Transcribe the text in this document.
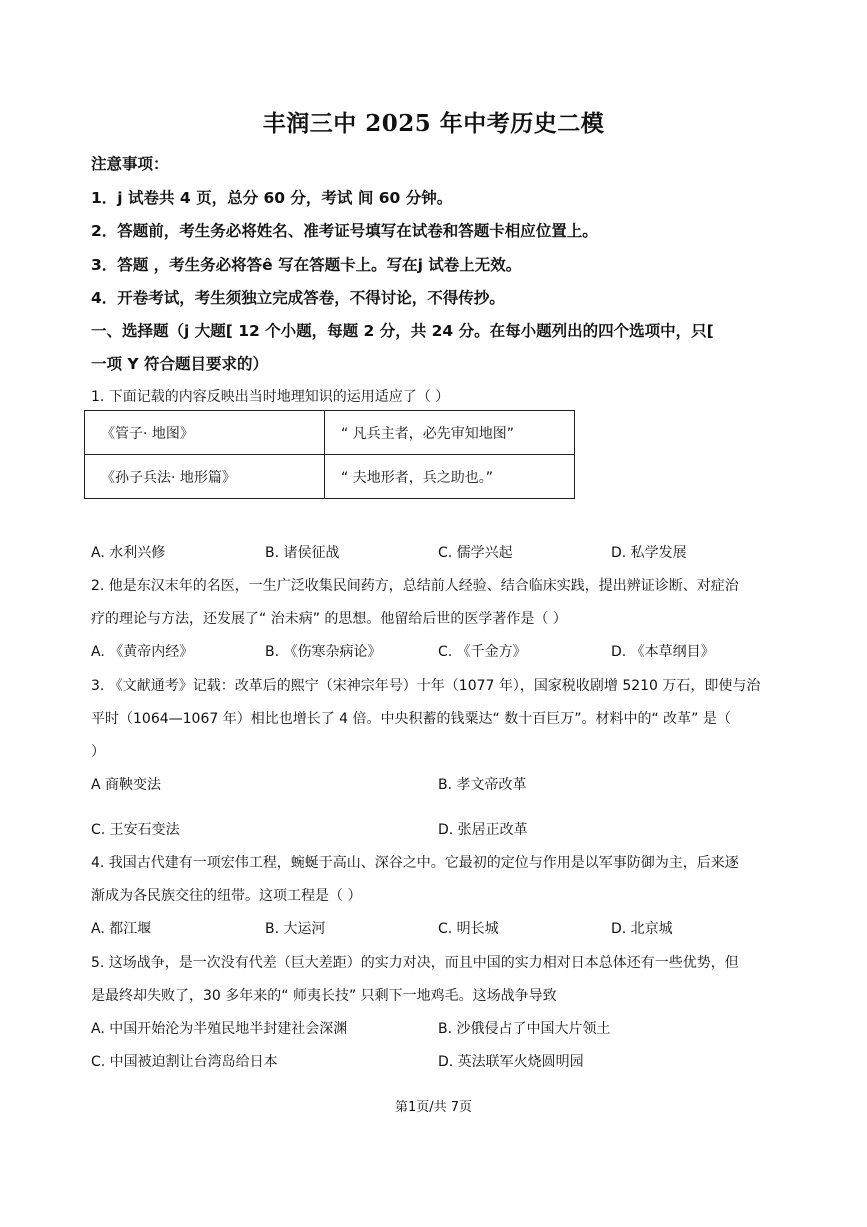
丰润三中 2025 年中考历史二模
注意事项：
1．j 试卷共 4 页，总分 60 分，考试 间 60 分钟。
2．答题前，考生务必将姓名、准考证号填写在试卷和答题卡相应位置上。
3．答题 ，考生务必将答ê 写在答题卡上。写在j 试卷上无效。
4．开卷考试，考生须独立完成答卷，不得讨论，不得传抄。
一、选择题（j 大题[ 12 个小题，每题 2 分，共 24 分。在每小题列出的四个选项中，只[
一项 Y 符合题目要求的）
1. 下面记载的内容反映出当时地理知识的运用适应了（ ）
《管子· 地图》	“ 凡兵主者，必先审知地图”
《孙子兵法· 地形篇》	“ 夫地形者，兵之助也。”
A. 水利兴修	B. 诸侯征战	C. 儒学兴起	D. 私学发展
2. 他是东汉末年的名医，一生广泛收集民间药方，总结前人经验、结合临床实践，提出辨证诊断、对症治
疗的理论与方法，还发展了“ 治未病” 的思想。他留给后世的医学著作是（ ）
A. 《黄帝内经》	B. 《伤寒杂病论》	C. 《千金方》	D. 《本草纲目》
3. 《文献通考》记载：改革后的熙宁（宋神宗年号）十年（1077 年），国家税收剧增 5210 万石，即使与治
平时（1064—1067 年）相比也增长了 4 倍。中央积蓄的钱粟达“ 数十百巨万”。材料中的“ 改革” 是（
）
A 商鞅变法	B. 孝文帝改革
C. 王安石变法	D. 张居正改革
4. 我国古代建有一项宏伟工程，蜿蜒于高山、深谷之中。它最初的定位与作用是以军事防御为主，后来逐
渐成为各民族交往的纽带。这项工程是（ ）
A. 都江堰	B. 大运河	C. 明长城	D. 北京城
5. 这场战争，是一次没有代差（巨大差距）的实力对决，而且中国的实力相对日本总体还有一些优势，但
是最终却失败了，30 多年来的“ 师夷长技” 只剩下一地鸡毛。这场战争导致
A. 中国开始沦为半殖民地半封建社会深渊	B. 沙俄侵占了中国大片领土
C. 中国被迫割让台湾岛给日本	D. 英法联军火烧圆明园
第1页/共 7页
